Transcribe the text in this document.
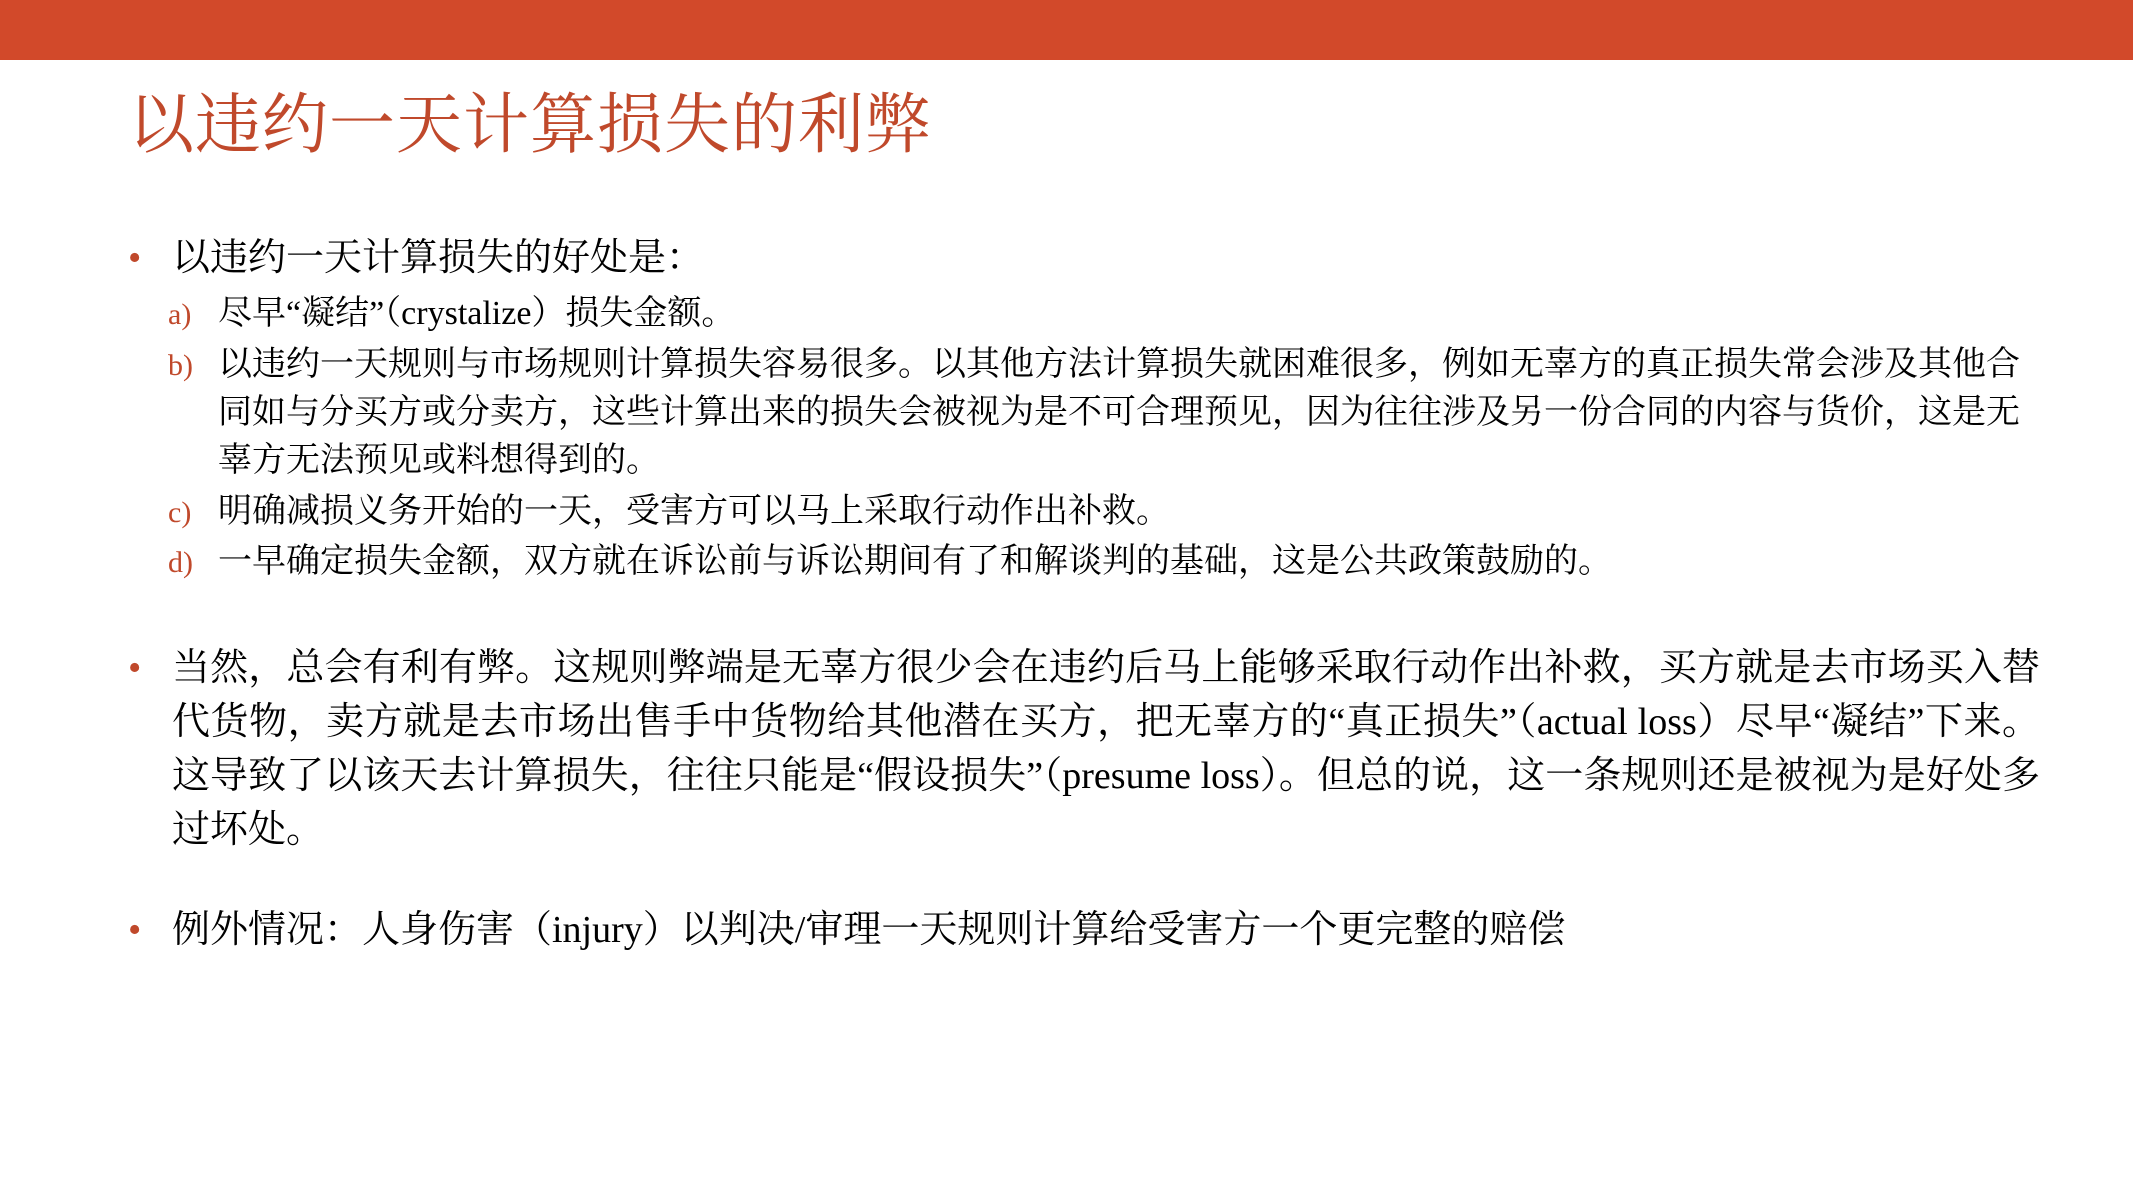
以违约一天计算损失的利弊
• 以违约一天计算损失的好处是：
a) 尽早“凝结”（crystalize）损失金额。
b) 以违约一天规则与市场规则计算损失容易很多。以其他方法计算损失就困难很多，例如无辜方的真正损失常会涉及其他合同如与分买方或分卖方，这些计算出来的损失会被视为是不可合理预见，因为往往涉及另一份合同的内容与货价，这是无辜方无法预见或料想得到的。
c) 明确减损义务开始的一天，受害方可以马上采取行动作出补救。
d) 一早确定损失金额，双方就在诉讼前与诉讼期间有了和解谈判的基础，这是公共政策鼓励的。
• 当然，总会有利有弊。这规则弊端是无辜方很少会在违约后马上能够采取行动作出补救，买方就是去市场买入替代货物，卖方就是去市场出售手中货物给其他潜在买方，把无辜方的“真正损失”（actual loss）尽早“凝结”下来。这导致了以该天去计算损失，往往只能是“假设损失”（presume loss）。但总的说，这一条规则还是被视为是好处多过坏处。
• 例外情况：人身伤害（injury）以判决/审理一天规则计算给受害方一个更完整的赔偿
